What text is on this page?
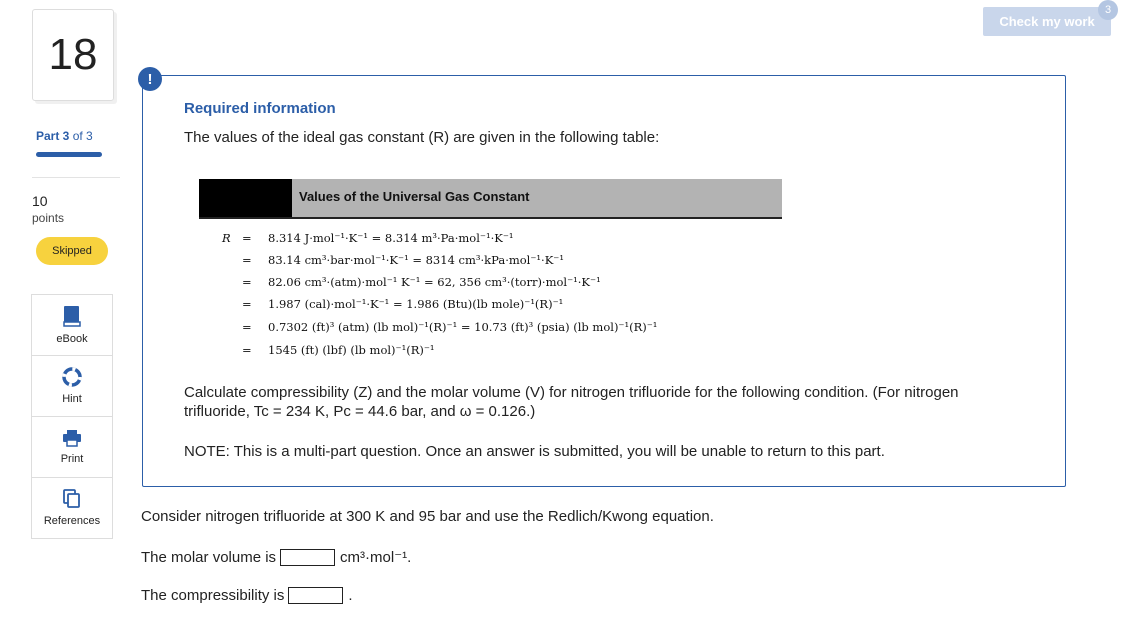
18
Part 3 of 3
10
points
Skipped
eBook
Hint
Print
References
Check my work
3
!
Required information
The values of the ideal gas constant (R) are given in the following table:
Values of the Universal Gas Constant
R = 8.314 J·mol⁻¹·K⁻¹ = 8.314 m³·Pa·mol⁻¹·K⁻¹
= 83.14 cm³·bar·mol⁻¹·K⁻¹ = 8314 cm³·kPa·mol⁻¹·K⁻¹
= 82.06 cm³·(atm)·mol⁻¹ K⁻¹ = 62, 356 cm³·(torr)·mol⁻¹·K⁻¹
= 1.987 (cal)·mol⁻¹·K⁻¹ = 1.986 (Btu)(lb mole)⁻¹(R)⁻¹
= 0.7302 (ft)³ (atm) (lb mol)⁻¹(R)⁻¹ = 10.73 (ft)³ (psia) (lb mol)⁻¹(R)⁻¹
= 1545 (ft) (lbf) (lb mol)⁻¹(R)⁻¹
Calculate compressibility (Z) and the molar volume (V) for nitrogen trifluoride for the following condition. (For nitrogen
trifluoride, Tc = 234 K, Pc = 44.6 bar, and ω = 0.126.)
NOTE: This is a multi-part question. Once an answer is submitted, you will be unable to return to this part.
Consider nitrogen trifluoride at 300 K and 95 bar and use the Redlich/Kwong equation.
The molar volume is	cm³·mol⁻¹.
The compressibility is	.
